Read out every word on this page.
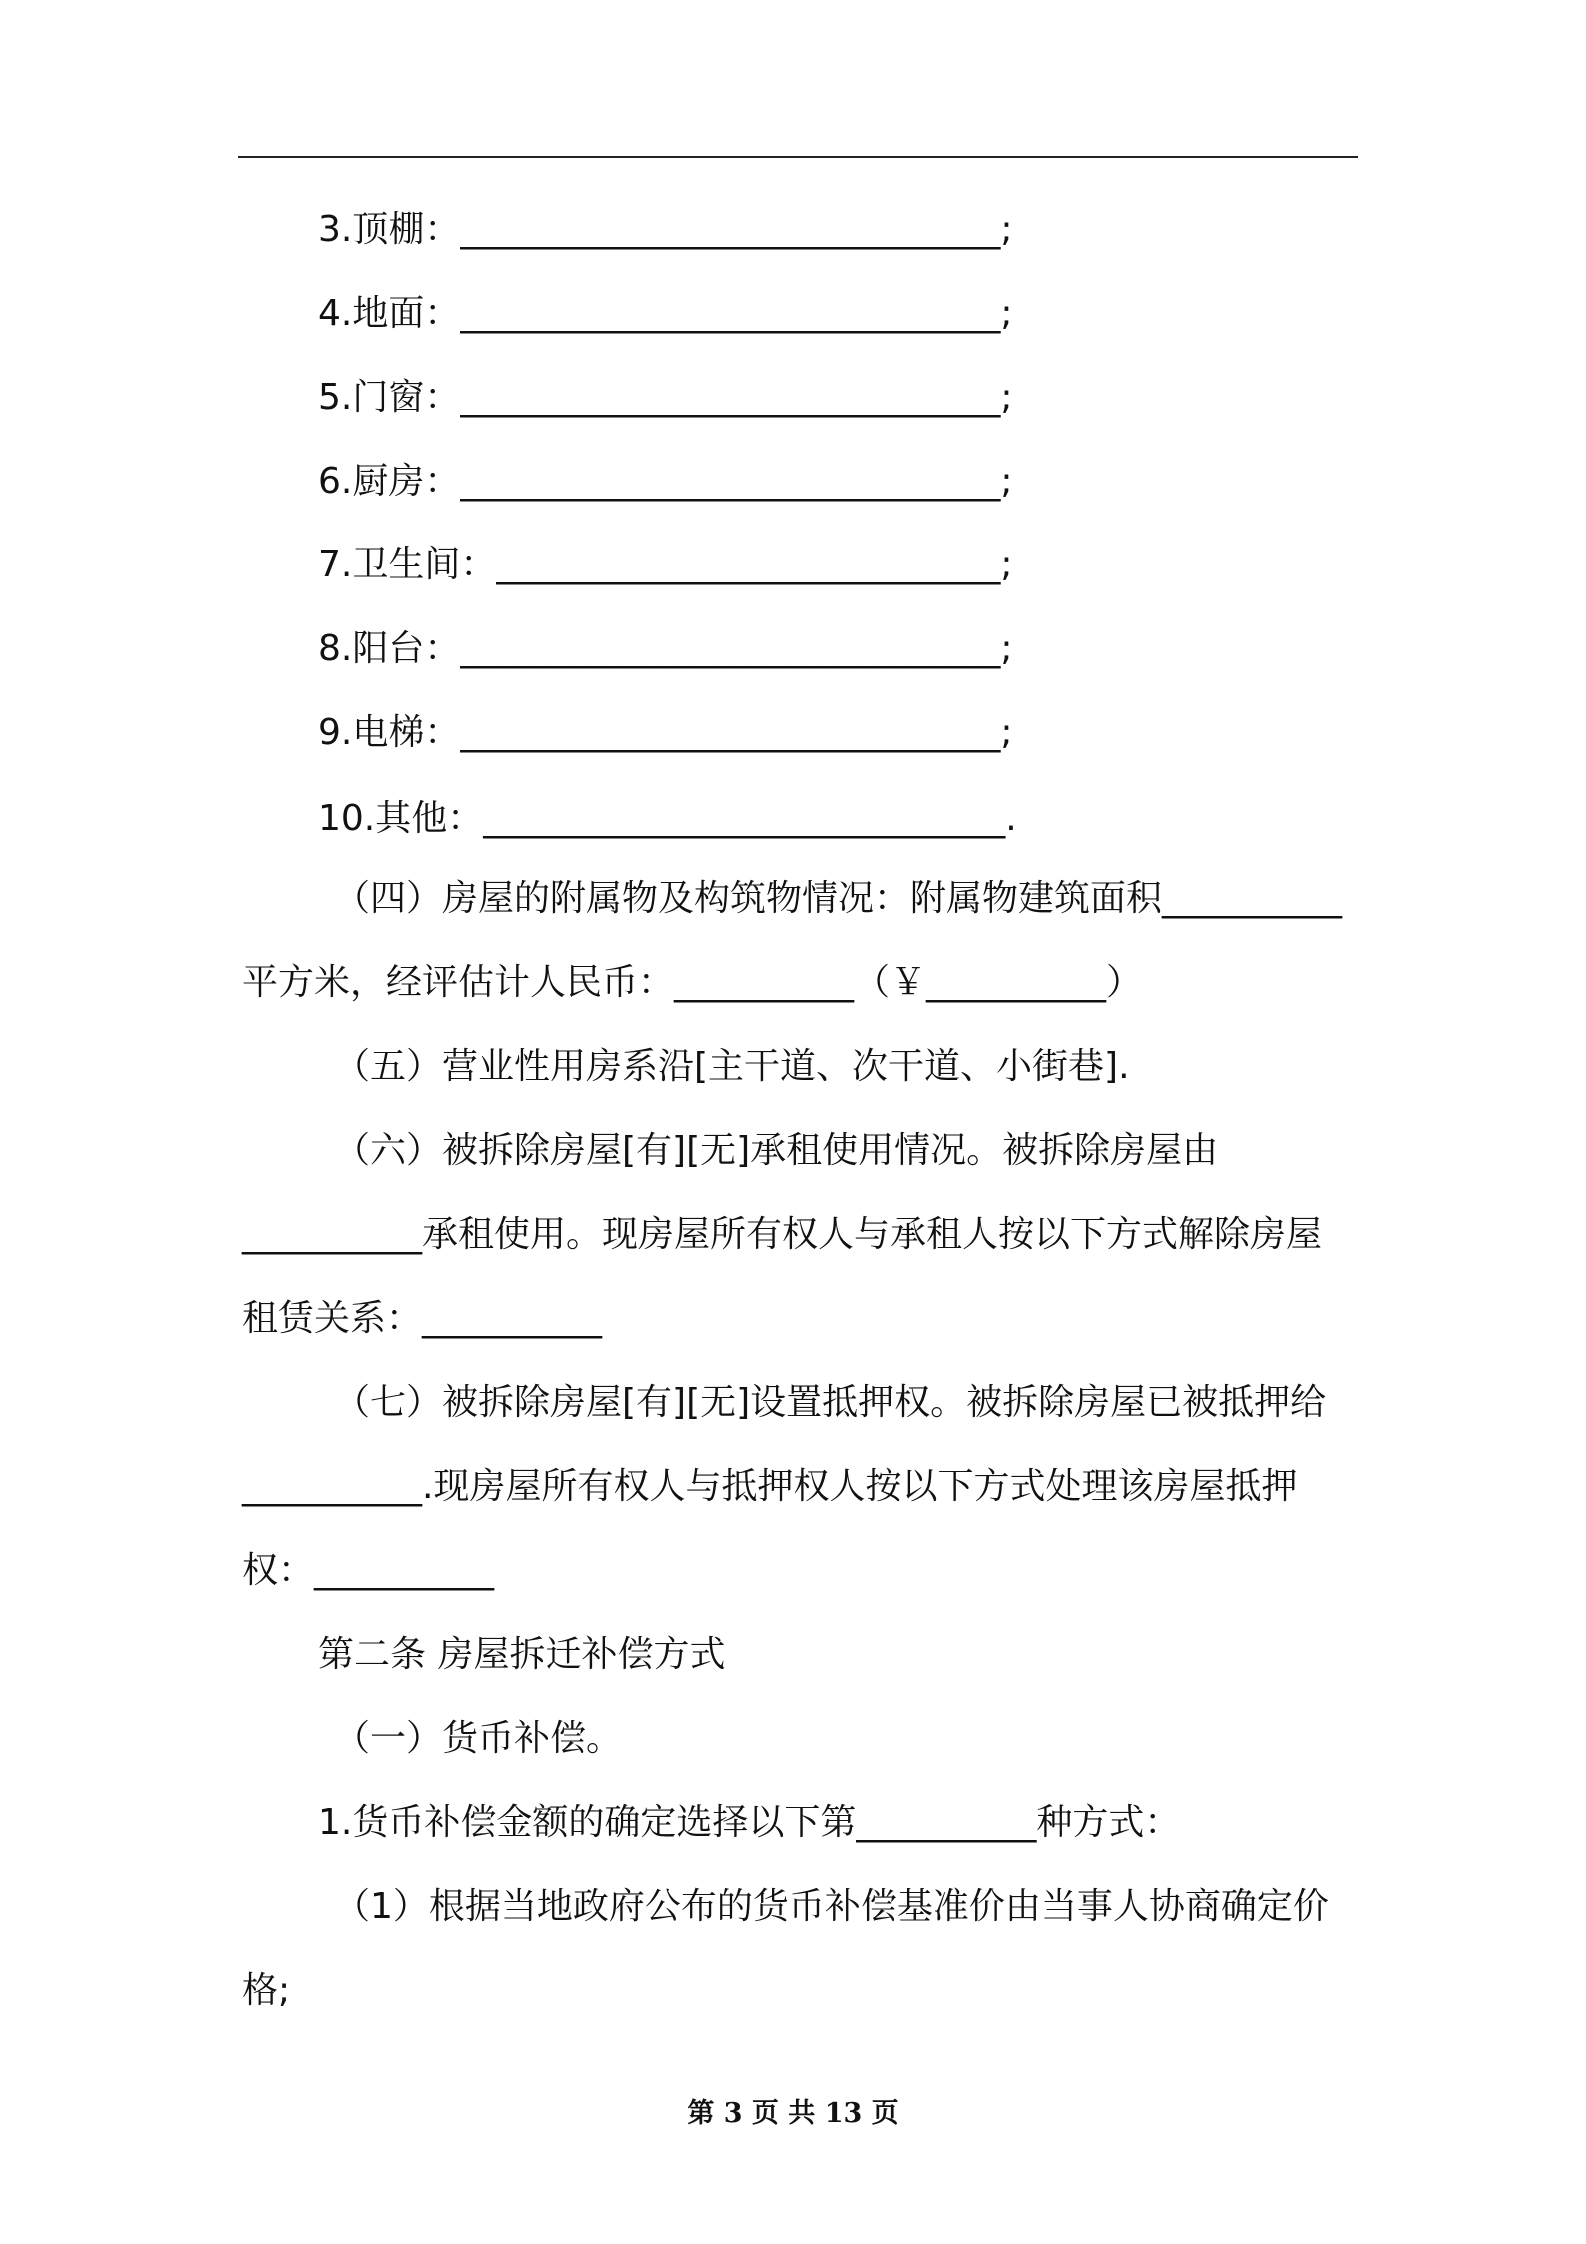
3.顶棚：______________________________;
4.地面：______________________________;
5.门窗：______________________________;
6.厨房：______________________________;
7.卫生间：____________________________;
8.阳台：______________________________;
9.电梯：______________________________;
10.其他：_____________________________.
（四）房屋的附属物及构筑物情况：附属物建筑面积__________
平方米，经评估计人民币：__________（￥__________）
（五）营业性用房系沿[主干道、次干道、小街巷].
（六）被拆除房屋[有][无]承租使用情况。被拆除房屋由
__________承租使用。现房屋所有权人与承租人按以下方式解除房屋
租赁关系：__________
（七）被拆除房屋[有][无]设置抵押权。被拆除房屋已被抵押给
__________.现房屋所有权人与抵押权人按以下方式处理该房屋抵押
权：__________
第二条 房屋拆迁补偿方式
（一）货币补偿。
1.货币补偿金额的确定选择以下第__________种方式：
（1）根据当地政府公布的货币补偿基准价由当事人协商确定价
格;
第 3 页 共 13 页
